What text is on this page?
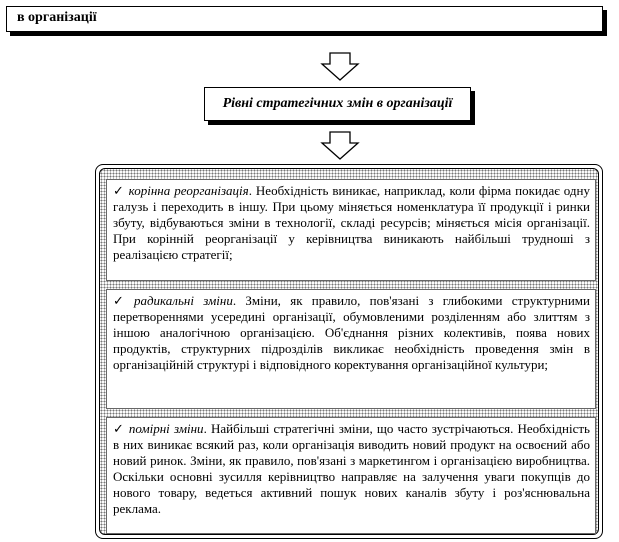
в організації
Рівні стратегічних змін в організації
✓ корінна реорганізація. Необхідність виникає, наприклад, коли фірма покидає одну галузь і переходить в іншу. При цьому міняється номенклатура її продукції і ринки збуту, відбуваються зміни в технології, складі ресурсів; міняється місія організації. При корінній реорганізації у керівництва виникають найбільші трудноші з реалізацією стратегії;
✓ радикальні зміни. Зміни, як правило, пов'язані з глибокими структурними перетвореннями усередині організації, обумовленими розділенням або злиттям з іншою аналогічною організацією. Об'єднання різних колективів, поява нових продуктів, структурних підрозділів викликає необхідність проведення змін в організаційній структурі і відповідного коректування організаційної культури;
✓ помірні зміни. Найбільші стратегічні зміни, що часто зустрічаються. Необхідність в них виникає всякий раз, коли організація виводить новий продукт на освоєний або новий ринок. Зміни, як правило, пов'язані з маркетингом і організацією виробництва. Оскільки основні зусилля керівництво направляє на залучення уваги покупців до нового товару, ведеться активний пошук нових каналів збуту і роз'яснювальна реклама.
